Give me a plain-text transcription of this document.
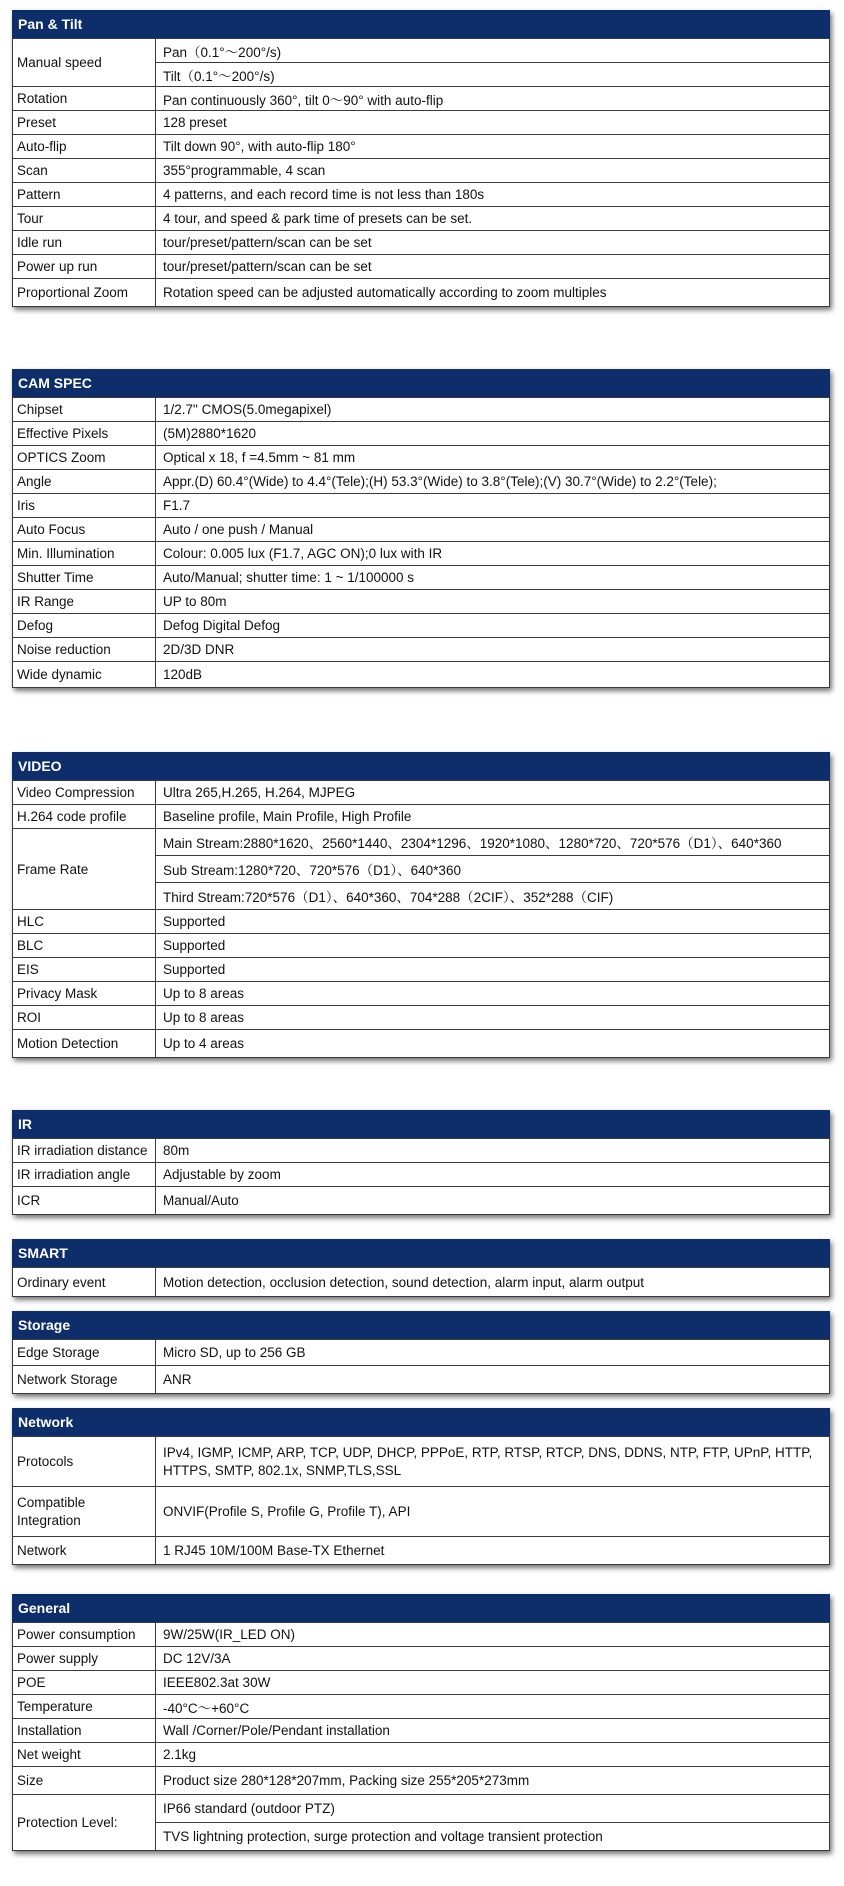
Pan & Tilt
Manual speed	Pan（0.1°～200°/s)
	Tilt（0.1°～200°/s)
Rotation	Pan continuously 360°, tilt 0～90° with auto-flip
Preset	128 preset
Auto-flip	Tilt down 90°, with auto-flip 180°
Scan	355°programmable, 4 scan
Pattern	4 patterns, and each record time is not less than 180s
Tour	4 tour, and speed & park time of presets can be set.
Idle run	tour/preset/pattern/scan can be set
Power up run	tour/preset/pattern/scan can be set
Proportional Zoom	Rotation speed can be adjusted automatically according to zoom multiples
CAM SPEC
Chipset	1/2.7" CMOS(5.0megapixel)
Effective Pixels	(5M)2880*1620
OPTICS Zoom	Optical x 18, f =4.5mm ~ 81 mm
Angle	Appr.(D) 60.4°(Wide) to 4.4°(Tele);(H) 53.3°(Wide) to 3.8°(Tele);(V) 30.7°(Wide) to 2.2°(Tele);
Iris	F1.7
Auto Focus	Auto / one push / Manual
Min. Illumination	Colour: 0.005 lux (F1.7, AGC ON);0 lux with IR
Shutter Time	Auto/Manual; shutter time: 1 ~ 1/100000 s
IR Range	UP to 80m
Defog	Defog Digital Defog
Noise reduction	2D/3D DNR
Wide dynamic	120dB
VIDEO
Video Compression	Ultra 265,H.265, H.264, MJPEG
H.264 code profile	Baseline profile, Main Profile, High Profile
Frame Rate	Main Stream:2880*1620、2560*1440、2304*1296、1920*1080、1280*720、720*576（D1）、640*360
	Sub Stream:1280*720、720*576（D1）、640*360
	Third Stream:720*576（D1）、640*360、704*288（2CIF）、352*288（CIF)
HLC	Supported
BLC	Supported
EIS	Supported
Privacy Mask	Up to 8 areas
ROI	Up to 8 areas
Motion Detection	Up to 4 areas
IR
IR irradiation distance	80m
IR irradiation angle	Adjustable by zoom
ICR	Manual/Auto
SMART
Ordinary event	Motion detection, occlusion detection, sound detection, alarm input, alarm output
Storage
Edge Storage	Micro SD, up to 256 GB
Network Storage	ANR
Network
Protocols	IPv4, IGMP, ICMP, ARP, TCP, UDP, DHCP, PPPoE, RTP, RTSP, RTCP, DNS, DDNS, NTP, FTP, UPnP, HTTP, HTTPS, SMTP, 802.1x, SNMP,TLS,SSL
Compatible Integration	ONVIF(Profile S, Profile G, Profile T), API
Network	1 RJ45 10M/100M Base-TX Ethernet
General
Power consumption	9W/25W(IR_LED ON)
Power supply	DC 12V/3A
POE	IEEE802.3at 30W
Temperature	-40°C～+60°C
Installation	Wall /Corner/Pole/Pendant installation
Net weight	2.1kg
Size	Product size 280*128*207mm, Packing size 255*205*273mm
Protection Level:	IP66 standard (outdoor PTZ)
	TVS lightning protection, surge protection and voltage transient protection
